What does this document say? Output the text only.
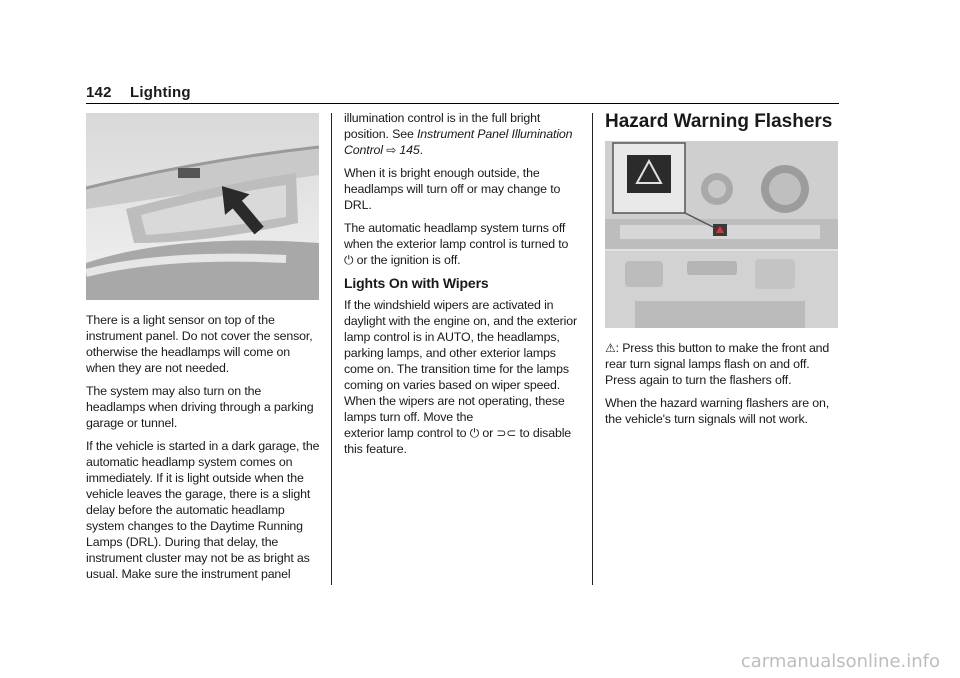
142 Lighting

There is a light sensor on top of the instrument panel. Do not cover the sensor, otherwise the headlamps will come on when they are not needed.

The system may also turn on the headlamps when driving through a parking garage or tunnel.

If the vehicle is started in a dark garage, the automatic headlamp system comes on immediately. If it is light outside when the vehicle leaves the garage, there is a slight delay before the automatic headlamp system changes to the Daytime Running Lamps (DRL). During that delay, the instrument cluster may not be as bright as usual. Make sure the instrument panel

illumination control is in the full bright position. See Instrument Panel Illumination Control ⇨ 145.

When it is bright enough outside, the headlamps will turn off or may change to DRL.

The automatic headlamp system turns off when the exterior lamp control is turned to
⏻ or the ignition is off.

Lights On with Wipers

If the windshield wipers are activated in daylight with the engine on, and the exterior lamp control is in AUTO, the headlamps, parking lamps, and other exterior lamps come on. The transition time for the lamps coming on varies based on wiper speed. When the wipers are not operating, these lamps turn off. Move the
exterior lamp control to ⏻ or ⊃⊂ to disable this feature.

Hazard Warning Flashers

⚠: Press this button to make the front and rear turn signal lamps flash on and off. Press again to turn the flashers off.

When the hazard warning flashers are on, the vehicle's turn signals will not work.

carmanualsonline.info
